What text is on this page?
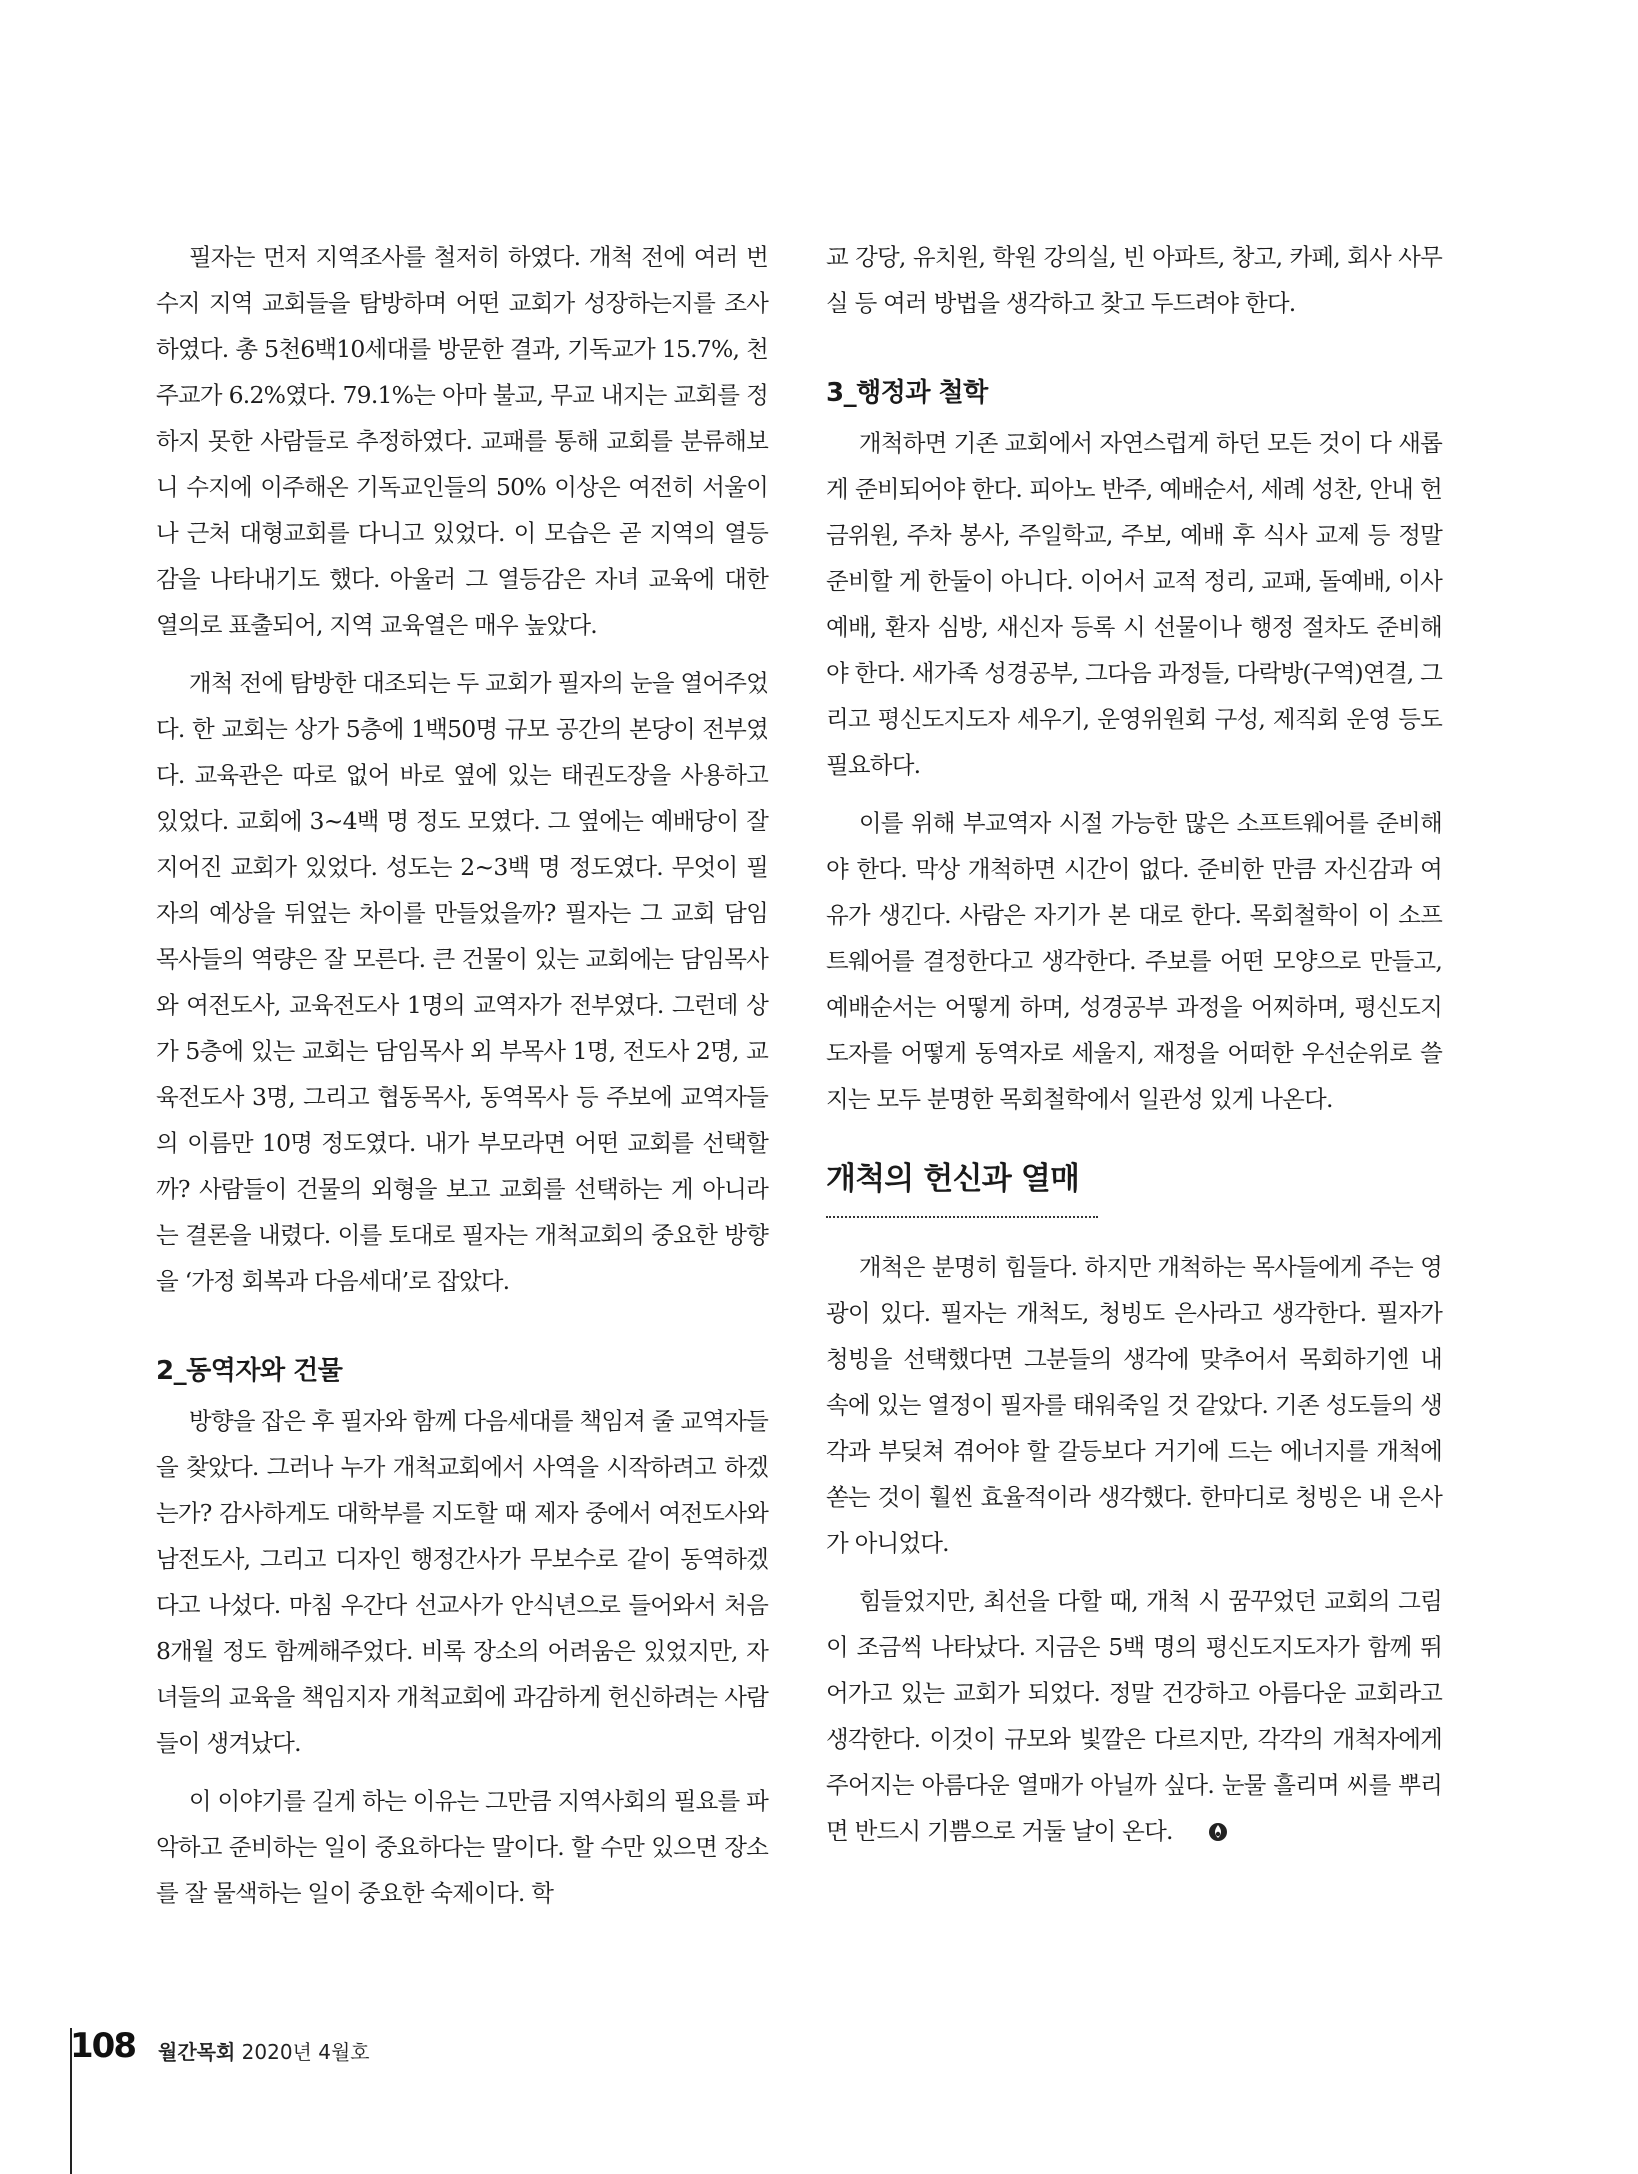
필자는 먼저 지역조사를 철저히 하였다. 개척 전에 여러 번 수지 지역 교회들을 탐방하며 어떤 교회가 성장하는지를 조사하였다. 총 5천6백10세대를 방문한 결과, 기독교가 15.7%, 천주교가 6.2%였다. 79.1%는 아마 불교, 무교 내지는 교회를 정하지 못한 사람들로 추정하였다. 교패를 통해 교회를 분류해보니 수지에 이주해온 기독교인들의 50% 이상은 여전히 서울이나 근처 대형교회를 다니고 있었다. 이 모습은 곧 지역의 열등감을 나타내기도 했다. 아울러 그 열등감은 자녀 교육에 대한 열의로 표출되어, 지역 교육열은 매우 높았다.

개척 전에 탐방한 대조되는 두 교회가 필자의 눈을 열어주었다. 한 교회는 상가 5층에 1백50명 규모 공간의 본당이 전부였다. 교육관은 따로 없어 바로 옆에 있는 태권도장을 사용하고 있었다. 교회에 3~4백 명 정도 모였다. 그 옆에는 예배당이 잘 지어진 교회가 있었다. 성도는 2~3백 명 정도였다. 무엇이 필자의 예상을 뒤엎는 차이를 만들었을까? 필자는 그 교회 담임목사들의 역량은 잘 모른다. 큰 건물이 있는 교회에는 담임목사와 여전도사, 교육전도사 1명의 교역자가 전부였다. 그런데 상가 5층에 있는 교회는 담임목사 외 부목사 1명, 전도사 2명, 교육전도사 3명, 그리고 협동목사, 동역목사 등 주보에 교역자들의 이름만 10명 정도였다. 내가 부모라면 어떤 교회를 선택할까? 사람들이 건물의 외형을 보고 교회를 선택하는 게 아니라는 결론을 내렸다. 이를 토대로 필자는 개척교회의 중요한 방향을 ‘가정 회복과 다음세대’로 잡았다.

2_동역자와 건물

방향을 잡은 후 필자와 함께 다음세대를 책임져 줄 교역자들을 찾았다. 그러나 누가 개척교회에서 사역을 시작하려고 하겠는가? 감사하게도 대학부를 지도할 때 제자 중에서 여전도사와 남전도사, 그리고 디자인 행정간사가 무보수로 같이 동역하겠다고 나섰다. 마침 우간다 선교사가 안식년으로 들어와서 처음 8개월 정도 함께해주었다. 비록 장소의 어려움은 있었지만, 자녀들의 교육을 책임지자 개척교회에 과감하게 헌신하려는 사람들이 생겨났다.

이 이야기를 길게 하는 이유는 그만큼 지역사회의 필요를 파악하고 준비하는 일이 중요하다는 말이다. 할 수만 있으면 장소를 잘 물색하는 일이 중요한 숙제이다. 학

교 강당, 유치원, 학원 강의실, 빈 아파트, 창고, 카페, 회사 사무실 등 여러 방법을 생각하고 찾고 두드려야 한다.

3_행정과 철학

개척하면 기존 교회에서 자연스럽게 하던 모든 것이 다 새롭게 준비되어야 한다. 피아노 반주, 예배순서, 세례 성찬, 안내 헌금위원, 주차 봉사, 주일학교, 주보, 예배 후 식사 교제 등 정말 준비할 게 한둘이 아니다. 이어서 교적 정리, 교패, 돌예배, 이사예배, 환자 심방, 새신자 등록 시 선물이나 행정 절차도 준비해야 한다. 새가족 성경공부, 그다음 과정들, 다락방(구역)연결, 그리고 평신도지도자 세우기, 운영위원회 구성, 제직회 운영 등도 필요하다.

이를 위해 부교역자 시절 가능한 많은 소프트웨어를 준비해야 한다. 막상 개척하면 시간이 없다. 준비한 만큼 자신감과 여유가 생긴다. 사람은 자기가 본 대로 한다. 목회철학이 이 소프트웨어를 결정한다고 생각한다. 주보를 어떤 모양으로 만들고, 예배순서는 어떻게 하며, 성경공부 과정을 어찌하며, 평신도지도자를 어떻게 동역자로 세울지, 재정을 어떠한 우선순위로 쓸지는 모두 분명한 목회철학에서 일관성 있게 나온다.

개척의 헌신과 열매

개척은 분명히 힘들다. 하지만 개척하는 목사들에게 주는 영광이 있다. 필자는 개척도, 청빙도 은사라고 생각한다. 필자가 청빙을 선택했다면 그분들의 생각에 맞추어서 목회하기엔 내 속에 있는 열정이 필자를 태워죽일 것 같았다. 기존 성도들의 생각과 부딪쳐 겪어야 할 갈등보다 거기에 드는 에너지를 개척에 쏟는 것이 훨씬 효율적이라 생각했다. 한마디로 청빙은 내 은사가 아니었다.

힘들었지만, 최선을 다할 때, 개척 시 꿈꾸었던 교회의 그림이 조금씩 나타났다. 지금은 5백 명의 평신도지도자가 함께 뛰어가고 있는 교회가 되었다. 정말 건강하고 아름다운 교회라고 생각한다. 이것이 규모와 빛깔은 다르지만, 각각의 개척자에게 주어지는 아름다운 열매가 아닐까 싶다. 눈물 흘리며 씨를 뿌리면 반드시 기쁨으로 거둘 날이 온다.

108 월간목회 2020년 4월호
